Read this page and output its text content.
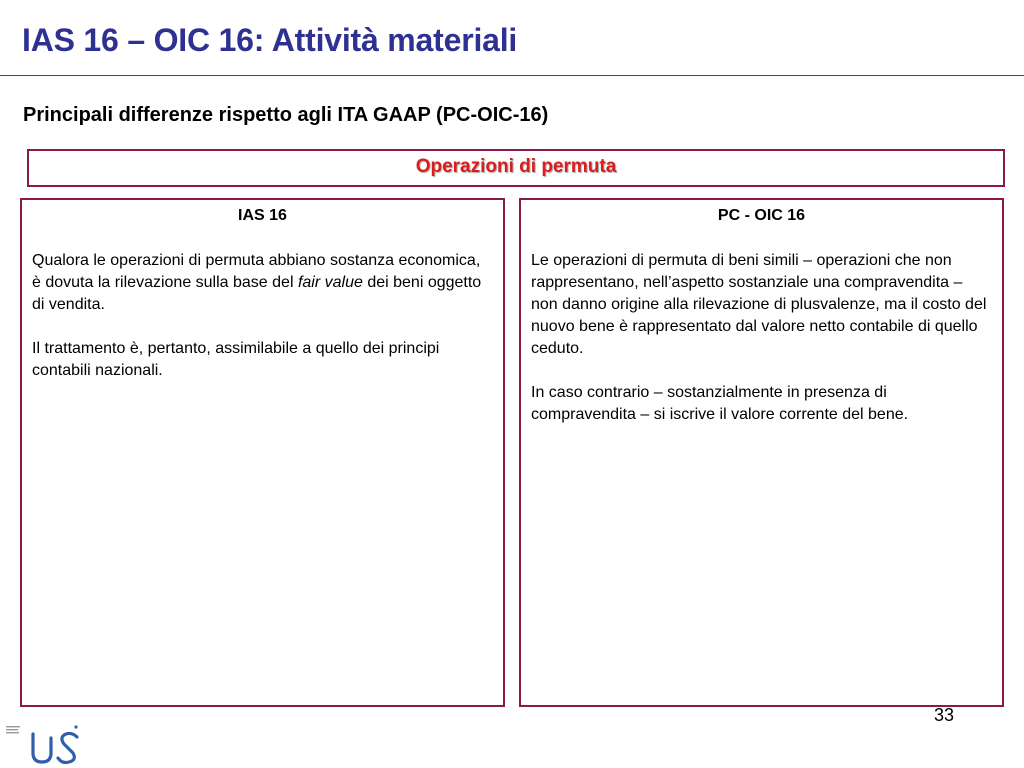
IAS 16 – OIC 16: Attività materiali
Principali differenze rispetto agli ITA GAAP (PC-OIC-16)
Operazioni di permuta

IAS 16

Qualora le operazioni di permuta abbiano sostanza economica, è dovuta la rilevazione sulla base del fair value dei beni oggetto di vendita.

Il trattamento è, pertanto, assimilabile a quello dei principi contabili nazionali.

PC - OIC 16

Le operazioni di permuta di beni simili – operazioni che non rappresentano, nell’aspetto sostanziale una compravendita – non danno origine alla rilevazione di plusvalenze, ma il costo del nuovo bene è rappresentato dal valore netto contabile di quello ceduto.

In caso contrario – sostanzialmente in presenza di compravendita – si iscrive il valore corrente del bene.

33
